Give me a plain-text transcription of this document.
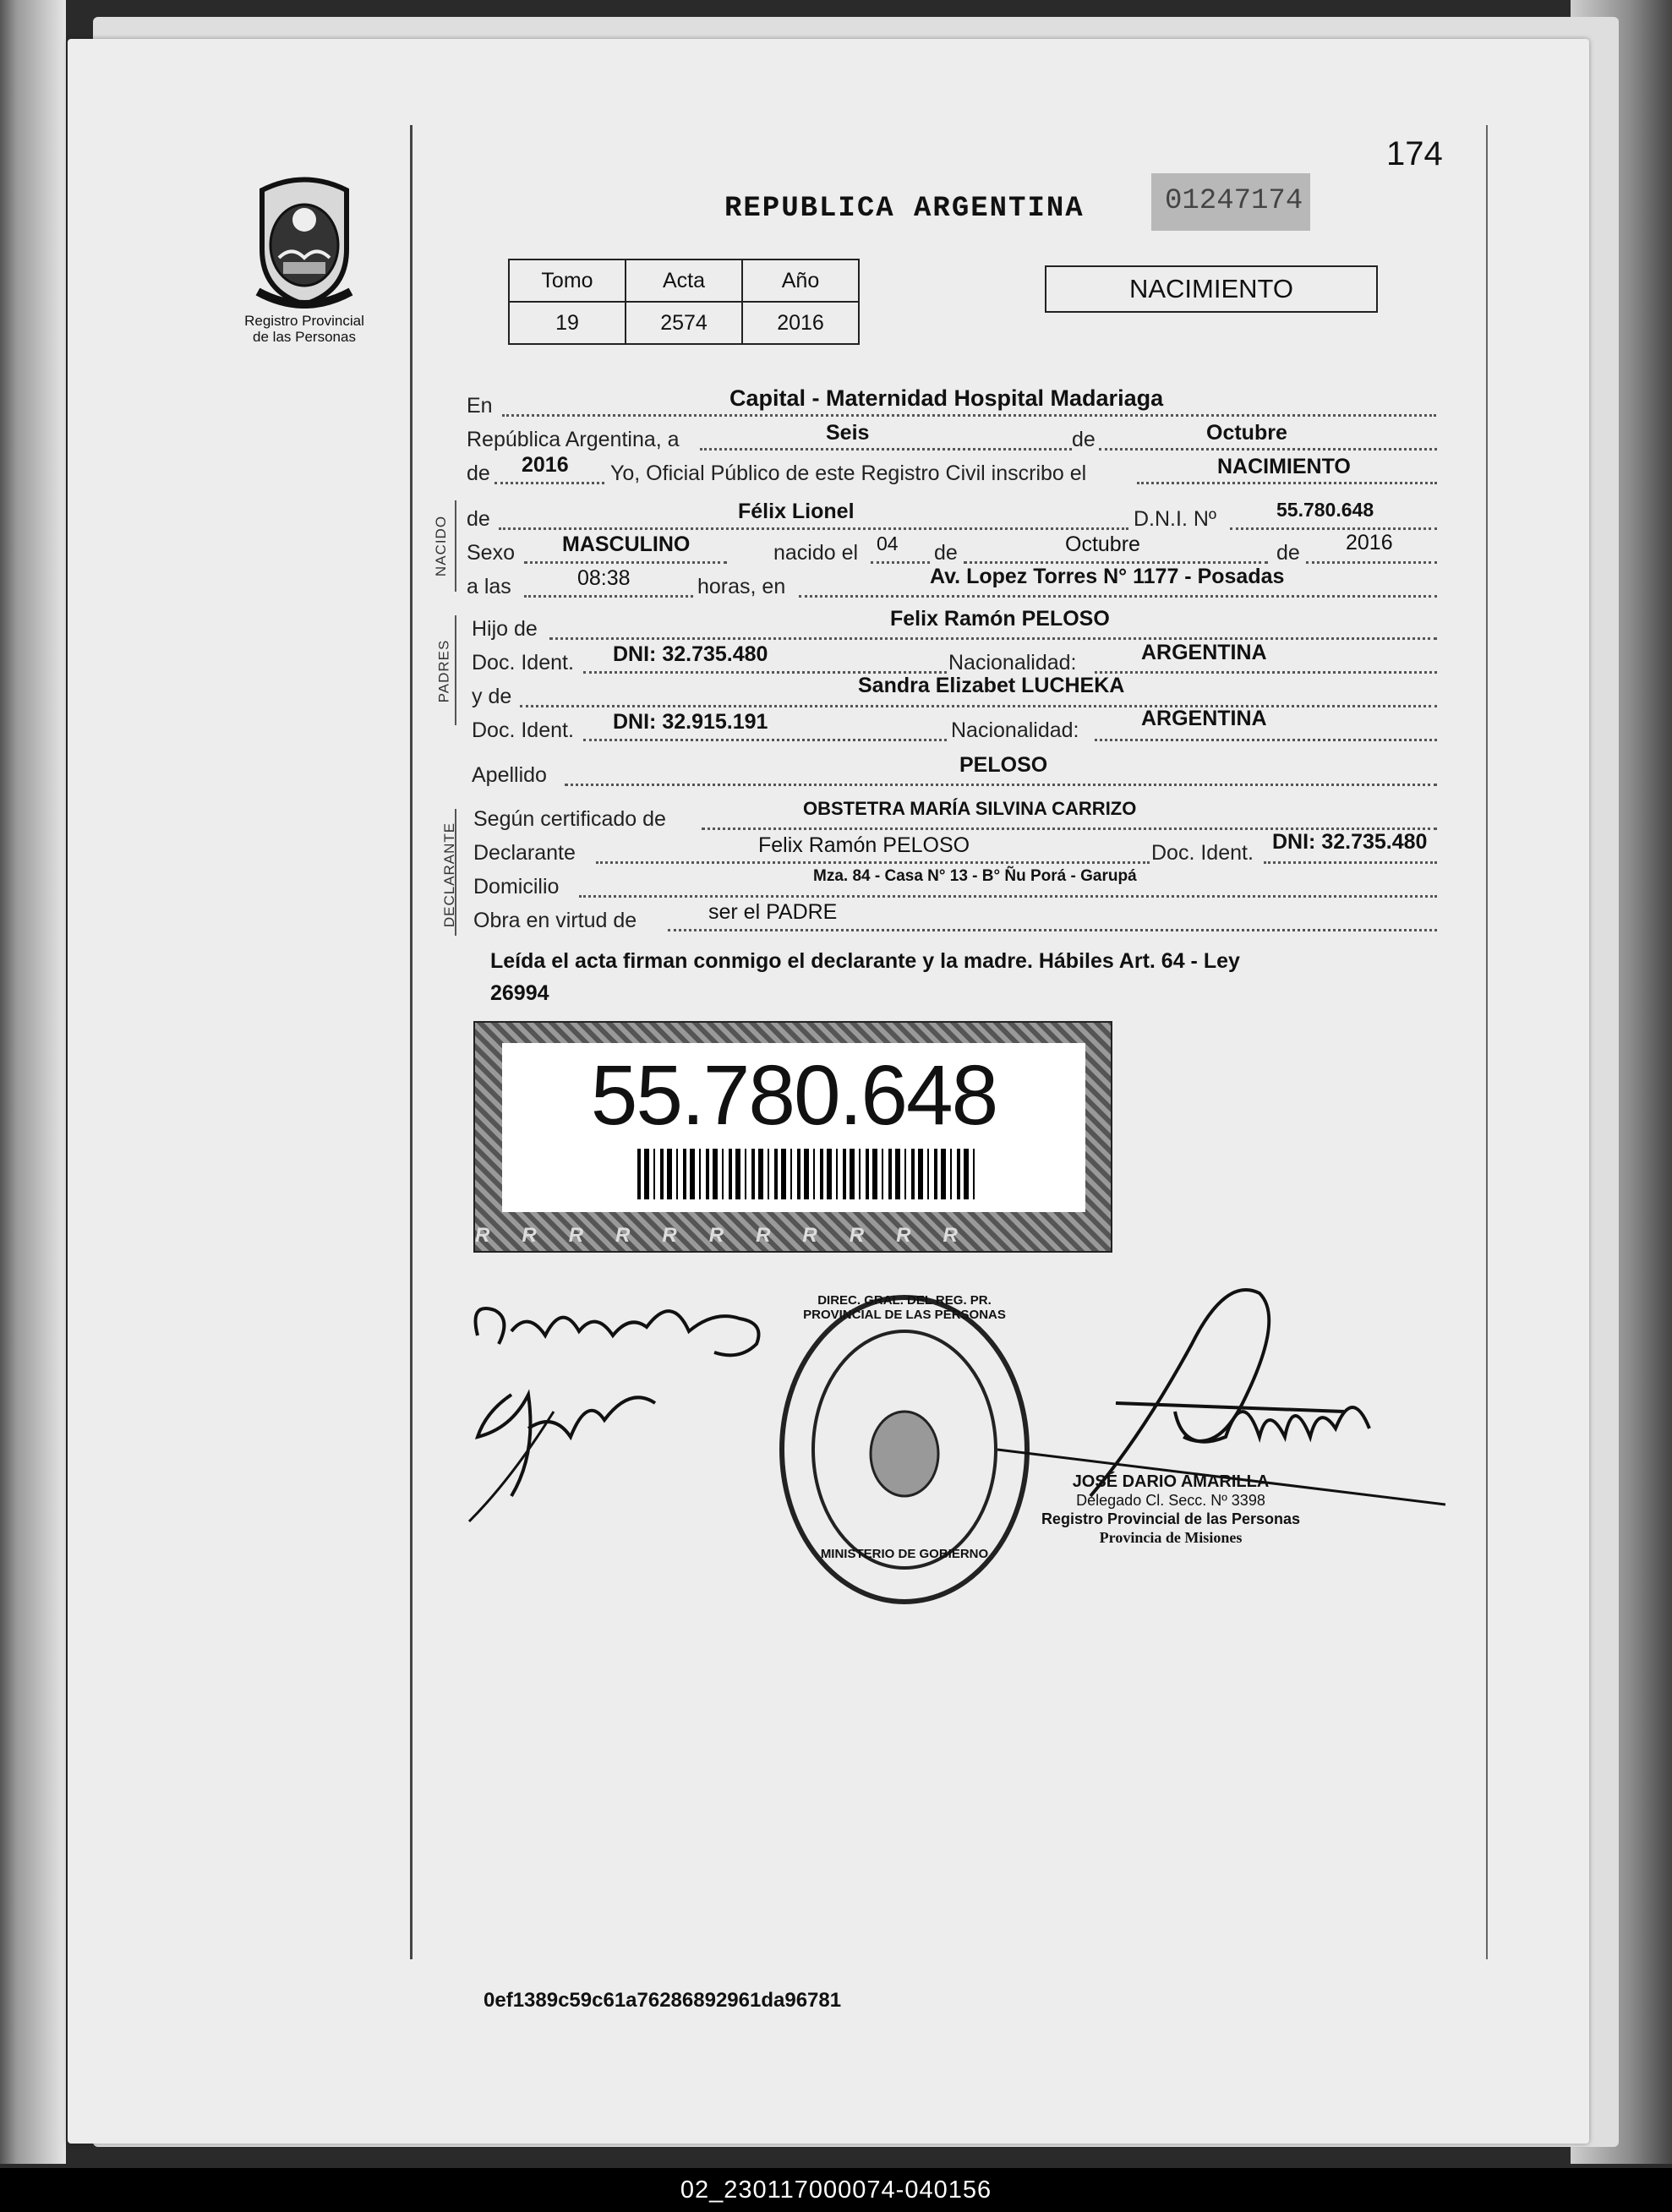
174
Registro Provincial
de las Personas
REPUBLICA ARGENTINA	01247174
Tomo	Acta	Año
19	2574	2016
NACIMIENTO
En	Capital - Maternidad Hospital Madariaga
República Argentina, a	Seis	de	Octubre
de 2016 Yo, Oficial Público de este Registro Civil inscribo el	NACIMIENTO
NACIDO de	Félix Lionel	D.N.I. Nº	55.780.648
Sexo MASCULINO	nacido el 04 de	Octubre	de 2016
a las	08:38	horas, en	Av. Lopez Torres N° 1177 - Posadas
PADRES
Hijo de	Felix Ramón PELOSO
Doc. Ident. DNI: 32.735.480	Nacionalidad:	ARGENTINA
y de	Sandra Elizabet LUCHEKA
Doc. Ident. DNI: 32.915.191	Nacionalidad:	ARGENTINA
Apellido	PELOSO
DECLARANTE
Según certificado de	OBSTETRA MARÍA SILVINA CARRIZO
Declarante	Felix Ramón PELOSO	Doc. Ident. DNI: 32.735.480
Domicilio	Mza. 84 - Casa N° 13 - B° Ñu Porá - Garupá
Obra en virtud de	ser el PADRE
Leída el acta firman conmigo el declarante y la madre. Hábiles Art. 64 - Ley
26994
55.780.648
RRRRRRRRRRR
DIREC. GRAL. DEL REG. PR. PROVINCIAL DE LAS PERSONAS
MINISTERIO DE GOBIERNO
JOSÉ DARIO AMARILLA
Delegado Cl. Secc. Nº 3398
Registro Provincial de las Personas
Provincia de Misiones
0ef1389c59c61a76286892961da96781
02_230117000074-040156
